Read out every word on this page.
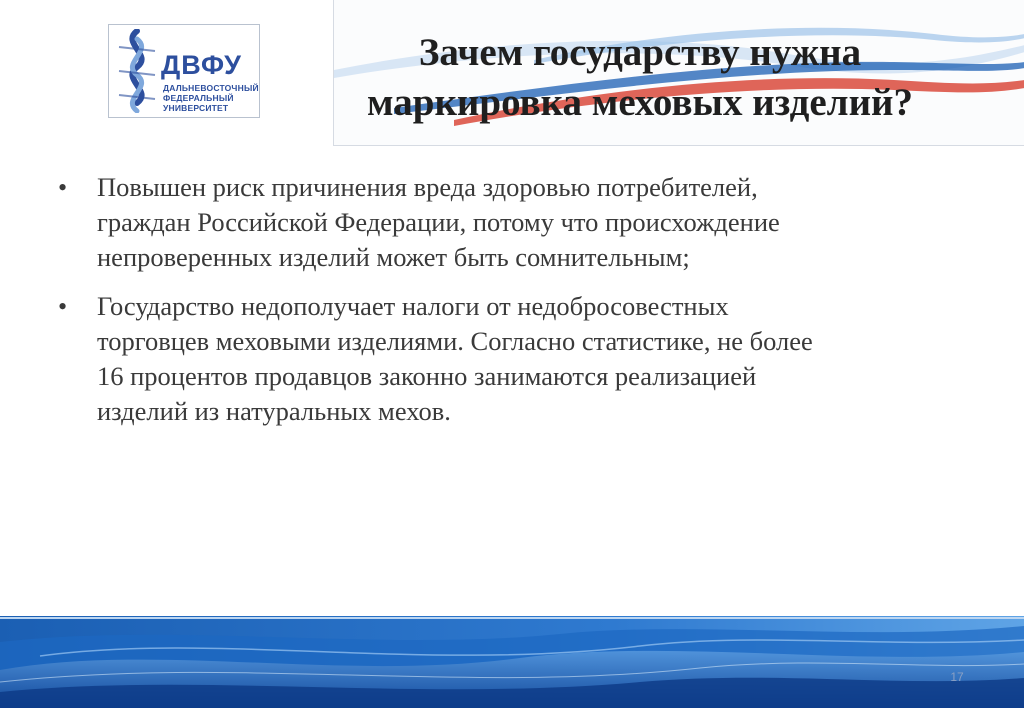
ДВФУ
ДАЛЬНЕВОСТОЧНЫЙ
ФЕДЕРАЛЬНЫЙ
УНИВЕРСИТЕТ
Зачем государству нужна
маркировка меховых изделий?
• Повышен риск причинения вреда здоровью потребителей,
граждан Российской Федерации, потому что происхождение
непроверенных изделий может быть сомнительным;
• Государство недополучает налоги от недобросовестных
торговцев меховыми изделиями. Согласно статистике, не более
16 процентов продавцов законно занимаются реализацией
изделий из натуральных мехов.
17
